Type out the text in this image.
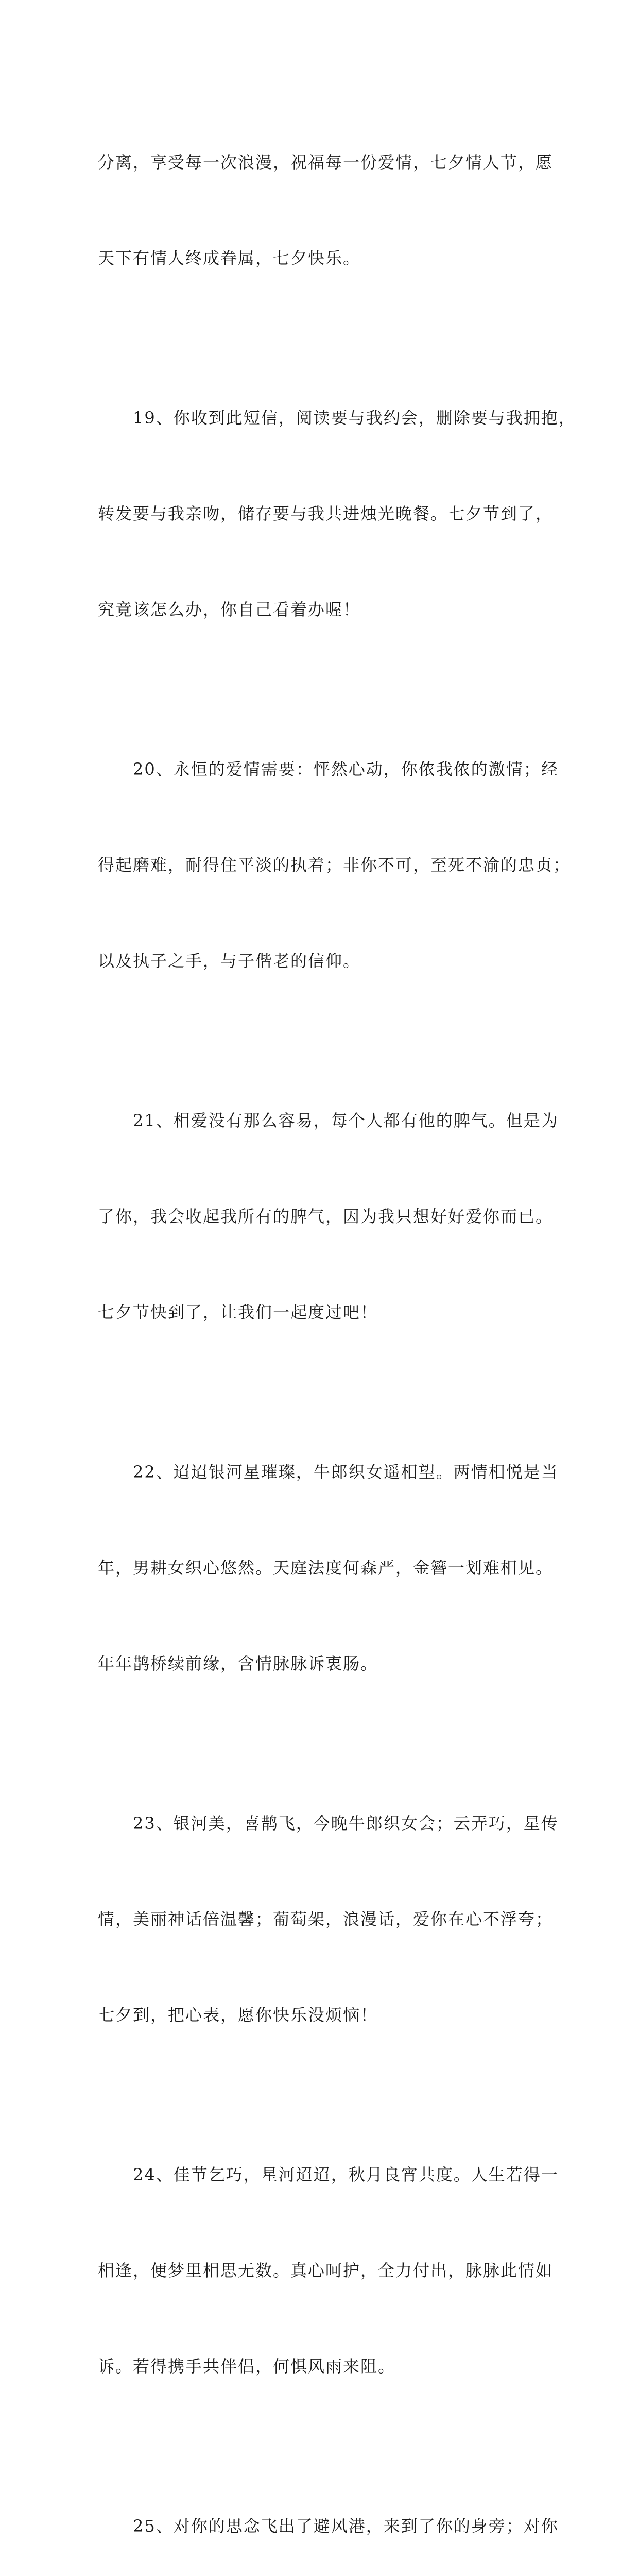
分离，享受每一次浪漫，祝福每一份爱情，七夕情人节，愿

天下有情人终成眷属，七夕快乐。

19、你收到此短信，阅读要与我约会，删除要与我拥抱，

转发要与我亲吻，储存要与我共进烛光晚餐。七夕节到了，

究竟该怎么办，你自己看着办喔！

20、永恒的爱情需要：怦然心动，你侬我侬的激情；经

得起磨难，耐得住平淡的执着；非你不可，至死不渝的忠贞；

以及执子之手，与子偕老的信仰。

21、相爱没有那么容易，每个人都有他的脾气。但是为

了你，我会收起我所有的脾气，因为我只想好好爱你而已。

七夕节快到了，让我们一起度过吧！

22、迢迢银河星璀璨，牛郎织女遥相望。两情相悦是当

年，男耕女织心悠然。天庭法度何森严，金簪一划难相见。

年年鹊桥续前缘，含情脉脉诉衷肠。

23、银河美，喜鹊飞，今晚牛郎织女会；云弄巧，星传

情，美丽神话倍温馨；葡萄架，浪漫话，爱你在心不浮夸；

七夕到，把心表，愿你快乐没烦恼！

24、佳节乞巧，星河迢迢，秋月良宵共度。人生若得一

相逢，便梦里相思无数。真心呵护，全力付出，脉脉此情如

诉。若得携手共伴侣，何惧风雨来阻。

25、对你的思念飞出了避风港，来到了你的身旁；对你
